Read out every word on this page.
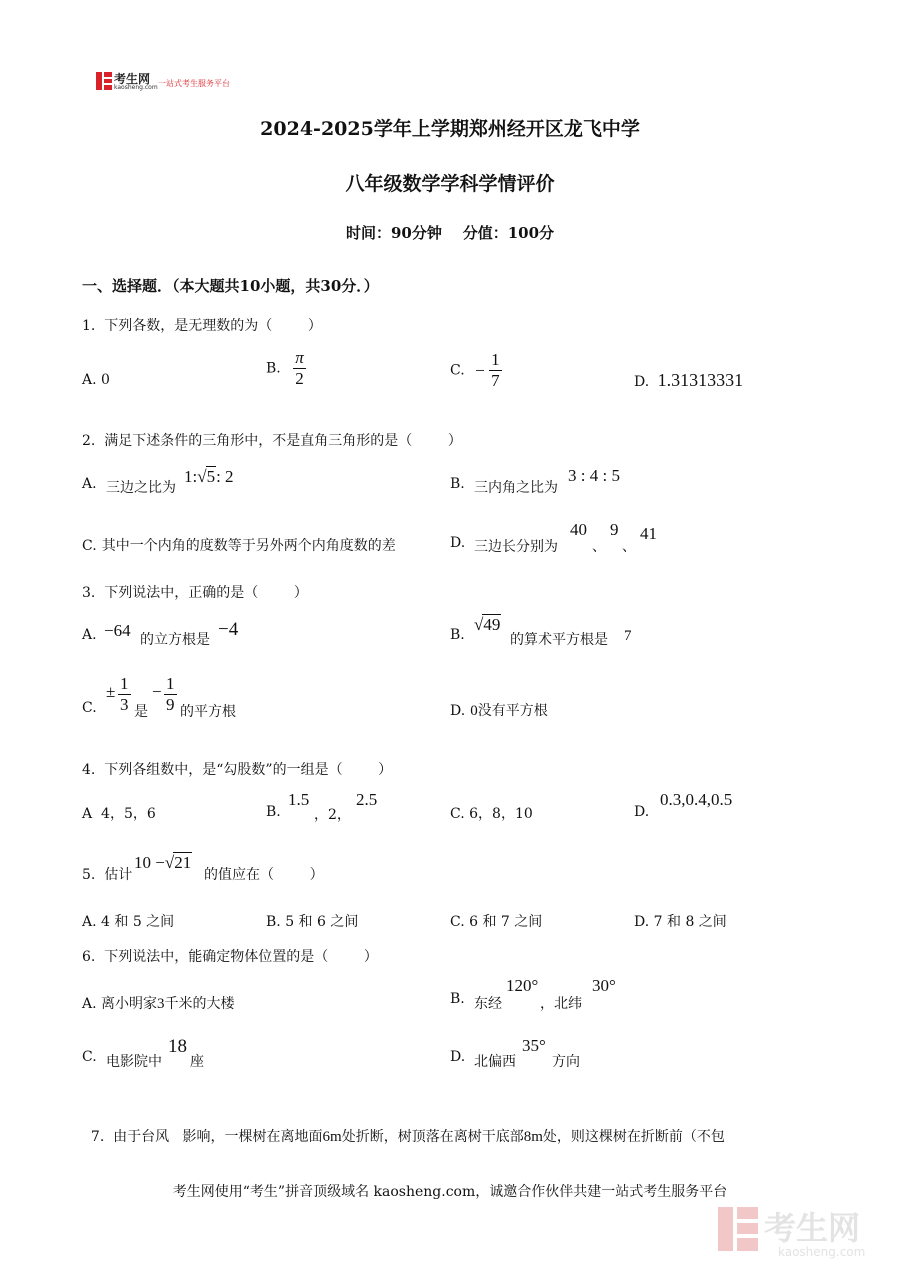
考生网
kaosheng.com 一站式考生服务平台
2024-2025学年上学期郑州经开区龙飞中学
八年级数学学科学情评价
时间：90分钟    分值：100分
一、选择题．（本大题共10小题，共30分．）
1.  下列各数，是无理数的为（        ）
A. 0
B. $\frac{\pi}{2}$	C. − $\frac{1}{7}$	D. 1.31313331
2.  满足下述条件的三角形中，不是直角三角形的是（        ）
A. 三边之比为
1:√5: 2	B. 三内角之比为
3 : 4 : 5
C. 其中一个内角的度数等于另外两个内角度数的差	D. 三边长分别为
40
、
9
、
41
3.  下列说法中，正确的是（        ）
A. −64 的立方根是 −4	B.
√49
的算术平方根是 7
C.
± $\frac{1}{3}$ 是
− $\frac{1}{9}$ 的平方根	D. 0没有平方根
4.  下列各组数中，是“勾股数”的一组是（        ）
A 4，5，6	B.
1.5
，2，
2.5
C. 6，8，10	D.
0.3,0.4,0.5
5.  估计
10 −√21
的值应在（        ）
A. 4 和 5 之间	B. 5 和 6 之间	C. 6 和 7 之间	D. 7 和 8 之间
6.  下列说法中，能确定物体位置的是（        ）
A. 离小明家3千米的大楼	B. 东经
120°
，北纬
30°
C. 电影院中
18
座	D. 北偏西
35°
方向

7. 由于台风   影响，一棵树在离地面6m处折断，树顶落在离树干底部8m处，则这棵树在折断前（不包

考生网使用“考生”拼音顶级域名 kaosheng.com，诚邀合作伙伴共建一站式考生服务平台
考生网
kaosheng.com
